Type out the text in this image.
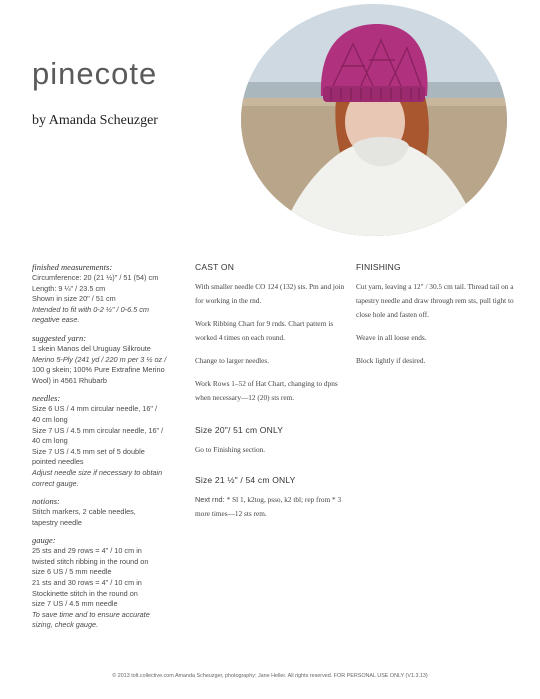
pinecote
by Amanda Scheuzger
finished measurements:
Circumference: 20 (21 ½)" / 51 (54) cm
Length: 9 ¼" / 23.5 cm
Shown in size 20" / 51 cm
Intended to fit with 0-2 ½" / 0-6.5 cm
negative ease.
suggested yarn:
1 skein Manos del Uruguay Silkroute
Merino 5-Ply (241 yd / 220 m per 3 ½ oz /
100 g skein; 100% Pure Extrafine Merino
Wool) in 4561 Rhubarb
needles:
Size 6 US / 4 mm circular needle, 16" /
40 cm long
Size 7 US / 4.5 mm circular needle, 16" /
40 cm long
Size 7 US / 4.5 mm set of 5 double
pointed needles
Adjust needle size if necessary to obtain
correct gauge.
notions:
Stitch markers, 2 cable needles,
tapestry needle
gauge:
25 sts and 29 rows = 4" / 10 cm in
twisted stitch ribbing in the round on
size 6 US / 5 mm needle
21 sts and 30 rows = 4" / 10 cm in
Stockinette stitch in the round on
size 7 US / 4.5 mm needle
To save time and to ensure accurate
sizing, check gauge.
CAST ON

With smaller needle CO 124 (132) sts. Pm and join for working in the rnd.

Work Ribbing Chart for 9 rnds. Chart pattern is worked 4 times on each round.

Change to larger needles.

Work Rows 1–52 of Hat Chart, changing to dpns when necessary—12 (20) sts rem.

Size 20"/ 51 cm ONLY

Go to Finishing section.

Size 21 ½" / 54 cm ONLY

Next rnd: * Sl 1, k2tog, psso, k2 tbl; rep from * 3 more times—12 sts rem.

FINISHING

Cut yarn, leaving a 12" / 30.5 cm tail. Thread tail on a tapestry needle and draw through rem sts, pull tight to close hole and fasten off.

Weave in all loose ends.

Block lightly if desired.

© 2013 tolt.collective.com Amanda Scheuzger, photography: Jane Heller. All rights reserved. FOR PERSONAL USE ONLY (V1.3.13)
